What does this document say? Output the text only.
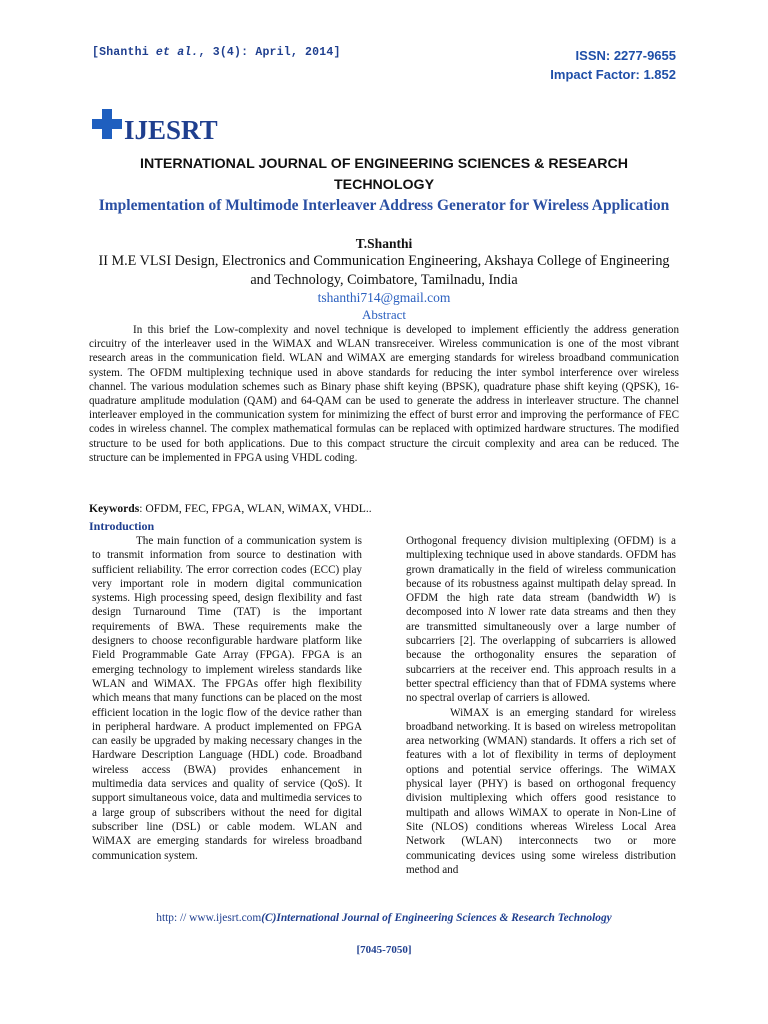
[Shanthi et al., 3(4): April, 2014]	ISSN: 2277-9655
Impact Factor: 1.852
IJESRT
INTERNATIONAL JOURNAL OF ENGINEERING SCIENCES & RESEARCH TECHNOLOGY
Implementation of Multimode Interleaver Address Generator for Wireless Application
T.Shanthi
II M.E VLSI Design, Electronics and Communication Engineering, Akshaya College of Engineering and Technology, Coimbatore, Tamilnadu, India
tshanthi714@gmail.com
Abstract
In this brief the Low-complexity and novel technique is developed to implement efficiently the address generation circuitry of the interleaver used in the WiMAX and WLAN transreceiver. Wireless communication is one of the most vibrant research areas in the communication field. WLAN and WiMAX are emerging standards for wireless broadband communication system. The OFDM multiplexing technique used in above standards for reducing the inter symbol interference over wireless channel. The various modulation schemes such as Binary phase shift keying (BPSK), quadrature phase shift keying (QPSK), 16-quadrature amplitude modulation (QAM) and 64-QAM can be used to generate the address in interleaver structure. The channel interleaver employed in the communication system for minimizing the effect of burst error and improving the performance of FEC codes in wireless channel. The complex mathematical formulas can be replaced with optimized hardware structures. The modified structure to be used for both applications. Due to this compact structure the circuit complexity and area can be reduced. The structure can be implemented in FPGA using VHDL coding.
Keywords: OFDM, FEC, FPGA, WLAN, WiMAX, VHDL..
Introduction

The main function of a communication system is to transmit information from source to destination with sufficient reliability. The error correction codes (ECC) play very important role in modern digital communication systems. High processing speed, design flexibility and fast design Turnaround Time (TAT) is the important requirements of BWA. These requirements make the designers to choose reconfigurable hardware platform like Field Programmable Gate Array (FPGA). FPGA is an emerging technology to implement wireless standards like WLAN and WiMAX. The FPGAs offer high flexibility which means that many functions can be placed on the most efficient location in the logic flow of the device rather than in peripheral hardware. A product implemented on FPGA can easily be upgraded by making necessary changes in the Hardware Description Language (HDL) code. Broadband wireless access (BWA) provides enhancement in multimedia data services and quality of service (QoS). It support simultaneous voice, data and multimedia services to a large group of subscribers without the need for digital subscriber line (DSL) or cable modem. WLAN and WiMAX are emerging standards for wireless broadband communication system.

Orthogonal frequency division multiplexing (OFDM) is a multiplexing technique used in above standards. OFDM has grown dramatically in the field of wireless communication because of its robustness against multipath delay spread. In OFDM the high rate data stream (bandwidth W) is decomposed into N lower rate data streams and then they are transmitted simultaneously over a large number of subcarriers [2]. The overlapping of subcarriers is allowed because the orthogonality ensures the separation of subcarriers at the receiver end. This approach results in a better spectral efficiency than that of FDMA systems where no spectral overlap of carriers is allowed.

WiMAX is an emerging standard for wireless broadband networking. It is based on wireless metropolitan area networking (WMAN) standards. It offers a rich set of features with a lot of flexibility in terms of deployment options and potential service offerings. The WiMAX physical layer (PHY) is based on orthogonal frequency division multiplexing which offers good resistance to multipath and allows WiMAX to operate in Non-Line of Site (NLOS) conditions whereas Wireless Local Area Network (WLAN) interconnects two or more communicating devices using some wireless distribution method and

http: // www.ijesrt.com(C)International Journal of Engineering Sciences & Research Technology
[7045-7050]
